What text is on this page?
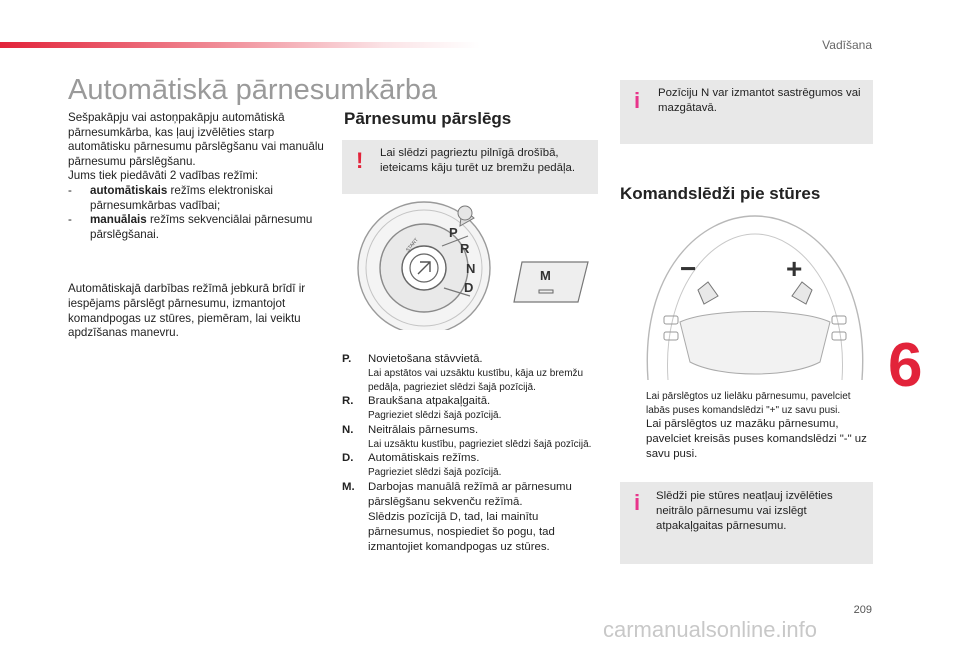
Vadīšana
Automātiskā pārnesumkārba

Sešpakāpju vai astoņpakāpju automātiskā pārnesumkārba, kas ļauj izvēlēties starp automātisku pārnesumu pārslēgšanu vai manuālu pārnesumu pārslēgšanu.

Jums tiek piedāvāti 2 vadības režīmi:

- automātiskais režīms elektroniskai pārnesumkārbas vadībai;

- manuālais režīms sekvenciālai pārnesumu pārslēgšanai.

Automātiskajā darbības režīmā jebkurā brīdī ir iespējams pārslēgt pārnesumu, izmantojot komandpogas uz stūres, piemēram, lai veiktu apdzīšanas manevru.

Pārnesumu pārslēgs
! Lai slēdzi pagrieztu pilnīgā drošībā, ieteicams kāju turēt uz bremžu pedāļa.
START
P
R
N
D
M
P. Novietošana stāvvietā.
Lai apstātos vai uzsāktu kustību, kāja uz bremžu pedāļa, pagrieziet slēdzi šajā pozīcijā.
R. Braukšana atpakaļgaitā.
Pagrieziet slēdzi šajā pozīcijā.
N. Neitrālais pārnesums.
Lai uzsāktu kustību, pagrieziet slēdzi šajā pozīcijā.
D. Automātiskais režīms.
Pagrieziet slēdzi šajā pozīcijā.
M. Darbojas manuālā režīmā ar pārnesumu pārslēgšanu sekvenču režīmā.
Slēdzis pozīcijā D, tad, lai mainītu pārnesumus, nospiediet šo pogu, tad izmantojiet komandpogas uz stūres.
i Pozīciju N var izmantot sastrēgumos vai mazgātavā.
Komandslēdži pie stūres
−	+
Lai pārslēgtos uz lielāku pārnesumu, pavelciet labās puses komandslēdzi "+" uz savu pusi.
Lai pārslēgtos uz mazāku pārnesumu, pavelciet kreisās puses komandslēdzi "-" uz savu pusi.
i Slēdži pie stūres neatļauj izvēlēties neitrālo pārnesumu vai izslēgt atpakaļgaitas pārnesumu.
6
209
carmanualsonline.info
